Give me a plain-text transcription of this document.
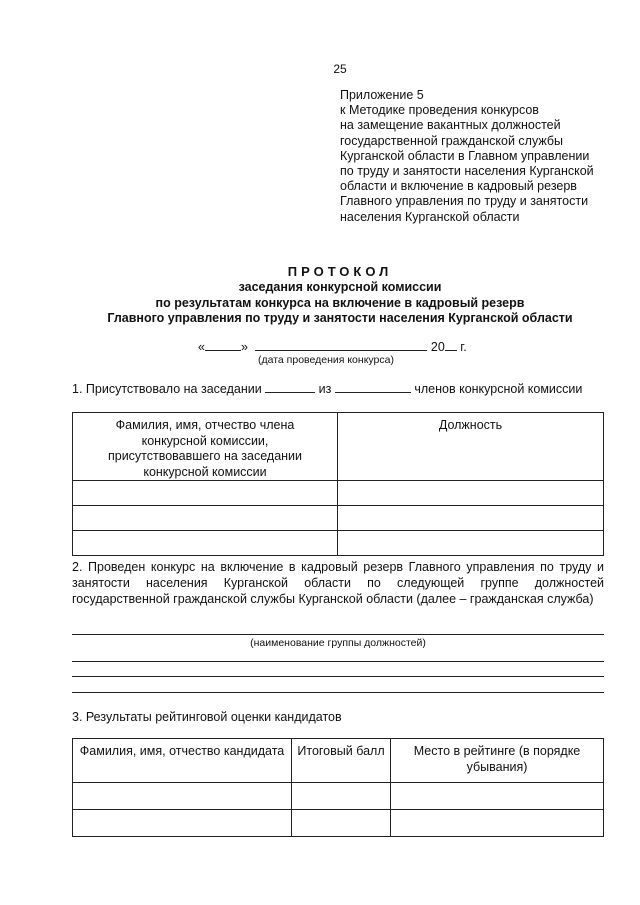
25
Приложение 5
к Методике проведения конкурсов
на замещение вакантных должностей
государственной гражданской службы
Курганской области в Главном управлении
по труду и занятости населения Курганской
области и включение в кадровый резерв
Главного управления по труду и занятости
населения Курганской области
ПРОТОКОЛ
заседания конкурсной комиссии
по результатам конкурса на включение в кадровый резерв
Главного управления по труду и занятости населения Курганской области
«	»	20 г.
(дата проведения конкурса)
1. Присутствовало на заседании	из	членов конкурсной комиссии
Фамилия, имя, отчество члена конкурсной комиссии, присутствовавшего на заседании конкурсной комиссии	Должность

2. Проведен конкурс на включение в кадровый резерв Главного управления по труду и занятости населения Курганской области по следующей группе должностей государственной гражданской службы Курганской области (далее – гражданская служба)
(наименование группы должностей)
3. Результаты рейтинговой оценки кандидатов
Фамилия, имя, отчество кандидата	Итоговый балл	Место в рейтинге (в порядке убывания)
